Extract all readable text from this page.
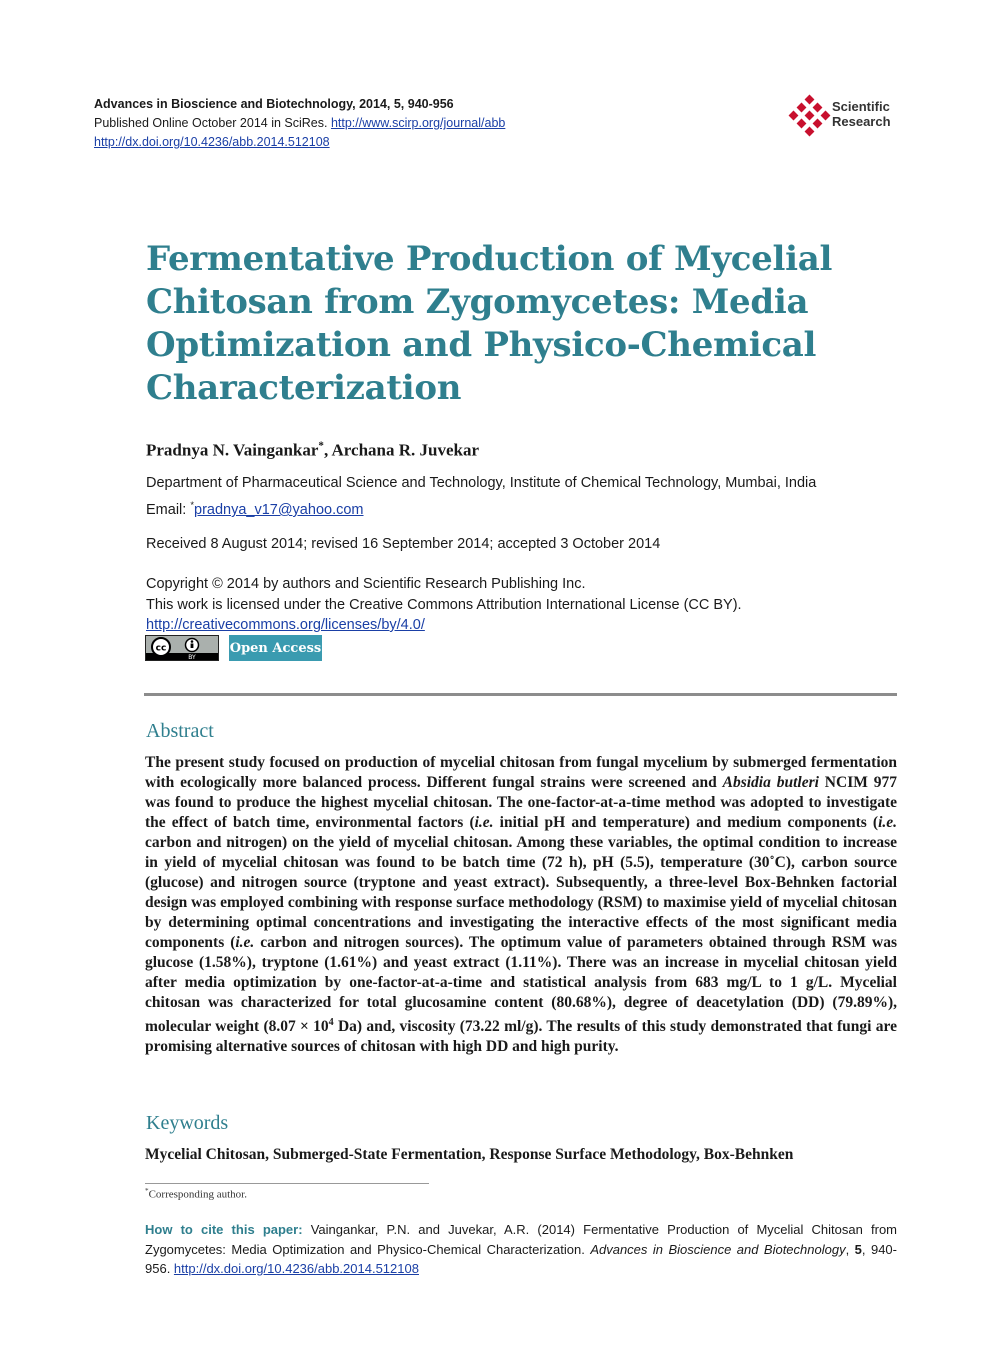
Advances in Bioscience and Biotechnology, 2014, 5, 940-956
Published Online October 2014 in SciRes. http://www.scirp.org/journal/abb
http://dx.doi.org/10.4236/abb.2014.512108
Scientific
Research
Fermentative Production of Mycelial Chitosan from Zygomycetes: Media Optimization and Physico-Chemical Characterization
Pradnya N. Vaingankar*, Archana R. Juvekar
Department of Pharmaceutical Science and Technology, Institute of Chemical Technology, Mumbai, India
Email: *pradnya_v17@yahoo.com
Received 8 August 2014; revised 16 September 2014; accepted 3 October 2014
Copyright © 2014 by authors and Scientific Research Publishing Inc.
This work is licensed under the Creative Commons Attribution International License (CC BY).
http://creativecommons.org/licenses/by/4.0/
cc
BY
Open Access
Abstract

The present study focused on production of mycelial chitosan from fungal mycelium by submerged fermentation with ecologically more balanced process. Different fungal strains were screened and Absidia butleri NCIM 977 was found to produce the highest mycelial chitosan. The one-factor-at-a-time method was adopted to investigate the effect of batch time, environmental factors (i.e. initial pH and temperature) and medium components (i.e. carbon and nitrogen) on the yield of mycelial chitosan. Among these variables, the optimal condition to increase in yield of mycelial chitosan was found to be batch time (72 h), pH (5.5), temperature (30˚C), carbon source (glucose) and nitrogen source (tryptone and yeast extract). Subsequently, a three-level Box-Behnken factorial design was employed combining with response surface methodology (RSM) to maximise yield of mycelial chitosan by determining optimal concentrations and investigating the interactive effects of the most significant media components (i.e. carbon and nitrogen sources). The optimum value of parameters obtained through RSM was glucose (1.58%), tryptone (1.61%) and yeast extract (1.11%). There was an increase in mycelial chitosan yield after media optimization by one-factor-at-a-time and statistical analysis from 683 mg/L to 1 g/L. Mycelial chitosan was characterized for total glucosamine content (80.68%), degree of deacetylation (DD) (79.89%), molecular weight ($8.07 \times 10^4$ Da) and, viscosity (73.22 ml/g). The results of this study demonstrated that fungi are promising alternative sources of chitosan with high DD and high purity.

Keywords
Mycelial Chitosan, Submerged-State Fermentation, Response Surface Methodology, Box-Behnken
*Corresponding author.
How to cite this paper: Vaingankar, P.N. and Juvekar, A.R. (2014) Fermentative Production of Mycelial Chitosan from Zygomycetes: Media Optimization and Physico-Chemical Characterization. Advances in Bioscience and Biotechnology, 5, 940-956. http://dx.doi.org/10.4236/abb.2014.512108
